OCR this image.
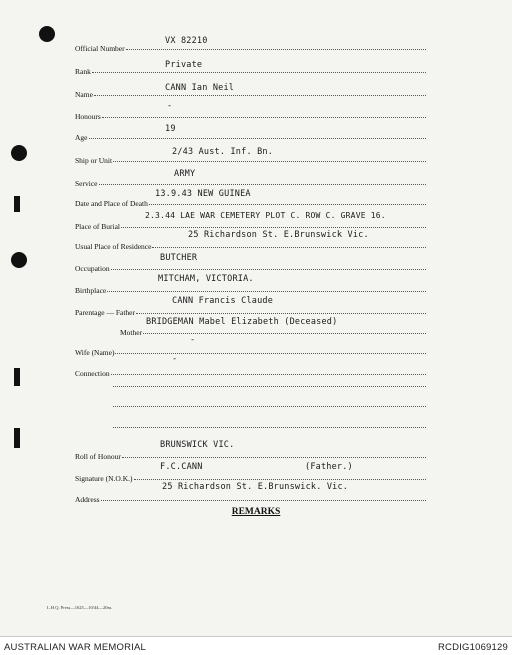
Official Number
VX 82210
Rank
Private
Name
CANN Ian Neil
Honours
-
Age
19
Ship or Unit
2/43 Aust. Inf. Bn.
Service
ARMY
Date and Place of Death
13.9.43 NEW GUINEA
Place of Burial
2.3.44 LAE WAR CEMETERY PLOT C. ROW C. GRAVE 16.
Usual Place of Residence
25 Richardson St. E.Brunswick Vic.
Occupation
BUTCHER
Birthplace
MITCHAM, VICTORIA.
Parentage — Father
CANN Francis Claude
Mother
BRIDGEMAN Mabel Elizabeth (Deceased)
Wife (Name)
-
Connection
-
Roll of Honour
BRUNSWICK VIC.
Signature (N.O.K.)
F.C.CANN	(Father.)
Address
25 Richardson St. E.Brunswick. Vic.
REMARKS
L.H.Q. Press—1625—10/44—20m.
AUSTRALIAN WAR MEMORIAL	RCDIG1069129
